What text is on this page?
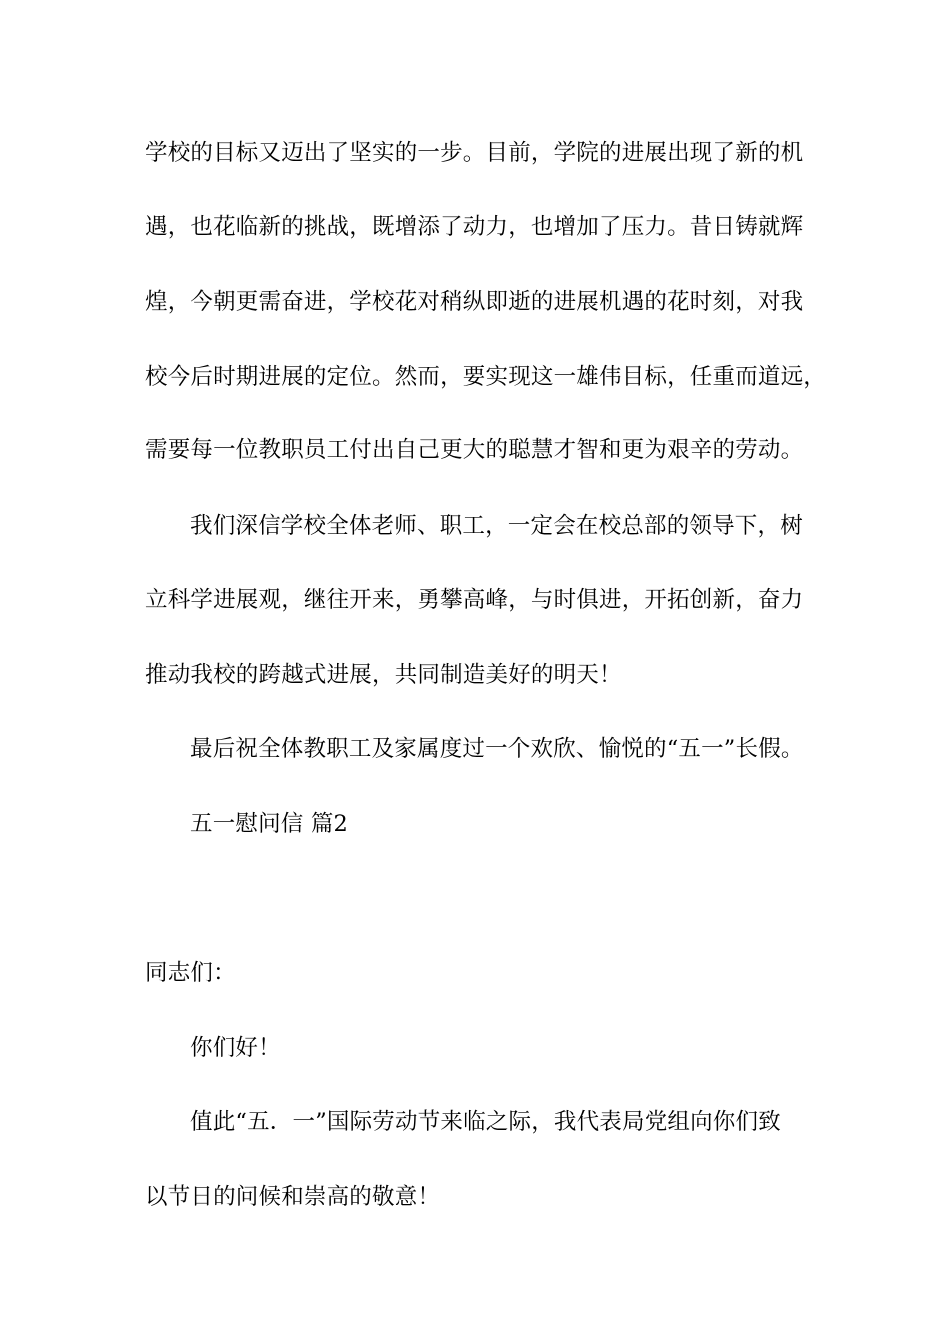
学校的目标又迈出了坚实的一步。目前，学院的进展出现了新的机
遇，也花临新的挑战，既增添了动力，也增加了压力。昔日铸就辉
煌，今朝更需奋进，学校花对稍纵即逝的进展机遇的花时刻，对我
校今后时期进展的定位。然而，要实现这一雄伟目标，任重而道远，
需要每一位教职员工付出自己更大的聪慧才智和更为艰辛的劳动。
我们深信学校全体老师、职工，一定会在校总部的领导下，树
立科学进展观，继往开来，勇攀高峰，与时俱进，开拓创新，奋力
推动我校的跨越式进展，共同制造美好的明天！
最后祝全体教职工及家属度过一个欢欣、愉悦的“五一”长假。
五一慰问信 篇2
同志们：
你们好！
值此“五．一”国际劳动节来临之际，我代表局党组向你们致
以节日的问候和崇高的敬意！
